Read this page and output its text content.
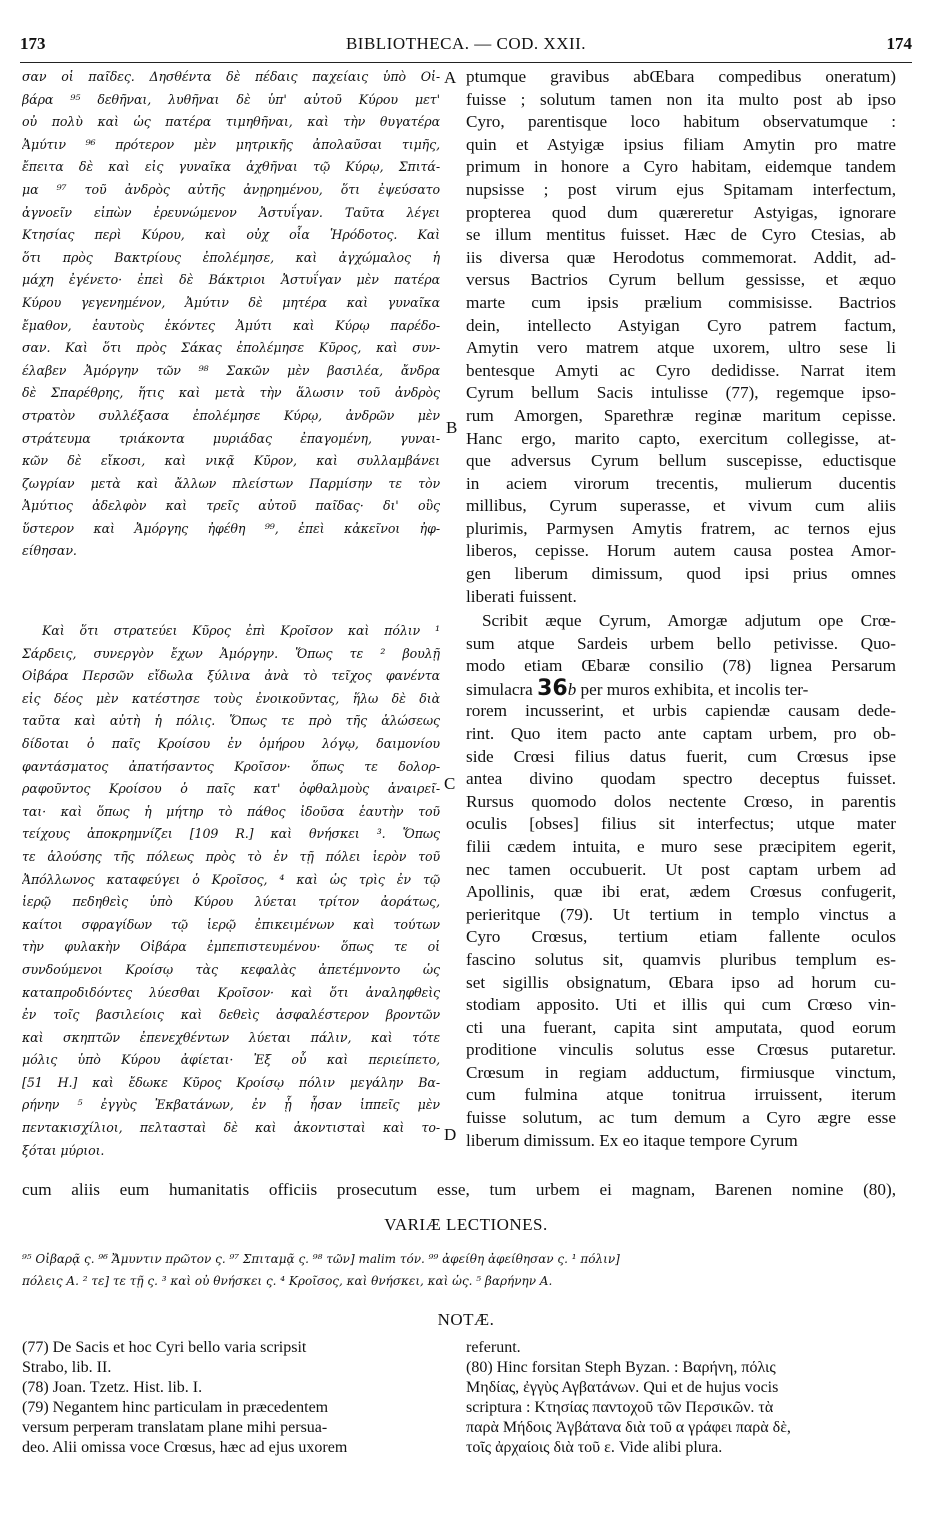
173	BIBLIOTHECA. — COD. XXII.	174
σαν οἱ παῖδες. Δησθέντα δὲ πέδαις παχείαις ὑπὸ Οἰ-
βάρα ⁹⁵ δεθῆναι, λυθῆναι δὲ ὑπ' αὐτοῦ Κύρου μετ'
οὐ πολὺ καὶ ὡς πατέρα τιμηθῆναι, καὶ τὴν θυγατέρα
Ἀμύτιν ⁹⁶ πρότερον μὲν μητρικῆς ἀπολαῦσαι τιμῆς,
ἔπειτα δὲ καὶ εἰς γυναῖκα ἀχθῆναι τῷ Κύρῳ, Σπιτά-
μα ⁹⁷ τοῦ ἀνδρὸς αὐτῆς ἀνῃρημένου, ὅτι ἐψεύσατο
ἀγνοεῖν εἰπὼν ἐρευνώμενον Ἀστυΐγαν. Ταῦτα λέγει
Κτησίας περὶ Κύρου, καὶ οὐχ οἷα Ἡρόδοτος. Καὶ
ὅτι πρὸς Βακτρίους ἐπολέμησε, καὶ ἀγχώμαλος ἡ
μάχη ἐγένετο· ἐπεὶ δὲ Βάκτριοι Ἀστυΐγαν μὲν πατέρα
Κύρου γεγενημένον, Ἀμύτιν δὲ μητέρα καὶ γυναῖκα
ἔμαθον, ἑαυτοὺς ἑκόντες Ἀμύτι καὶ Κύρῳ παρέδο-
σαν. Καὶ ὅτι πρὸς Σάκας ἐπολέμησε Κῦρος, καὶ συν-
έλαβεν Ἀμόργην τῶν ⁹⁸ Σακῶν μὲν βασιλέα, ἄνδρα
δὲ Σπαρέθρης, ἥτις καὶ μετὰ τὴν ἅλωσιν τοῦ ἀνδρὸς
στρατὸν συλλέξασα ἐπολέμησε Κύρῳ, ἀνδρῶν μὲν
στράτευμα τριάκοντα μυριάδας ἐπαγομένη, γυναι-
κῶν δὲ εἴκοσι, καὶ νικᾷ Κῦρον, καὶ συλλαμβάνει
ζωγρίαν μετὰ καὶ ἄλλων πλείστων Παρμίσην τε τὸν
Ἀμύτιος ἀδελφὸν καὶ τρεῖς αὐτοῦ παῖδας· δι' οὓς
ὕστερον καὶ Ἀμόργης ἠφέθη ⁹⁹, ἐπεὶ κἀκεῖνοι ἠφ-
είθησαν.
Καὶ ὅτι στρατεύει Κῦρος ἐπὶ Κροῖσον καὶ πόλιν ¹
Σάρδεις, συνεργὸν ἔχων Ἀμόργην. Ὅπως τε ² βουλῇ
Οἰβάρα Περσῶν εἴδωλα ξύλινα ἀνὰ τὸ τεῖχος φανέντα
εἰς δέος μὲν κατέστησε τοὺς ἐνοικοῦντας, ἥλω δὲ διὰ
ταῦτα καὶ αὐτὴ ἡ πόλις. Ὅπως τε πρὸ τῆς ἁλώσεως
δίδοται ὁ παῖς Κροίσου ἐν ὁμήρου λόγῳ, δαιμονίου
φαντάσματος ἀπατήσαντος Κροῖσον· ὅπως τε δολορ-
ραφοῦντος Κροίσου ὁ παῖς κατ' ὀφθαλμοὺς ἀναιρεῖ-
ται· καὶ ὅπως ἡ μήτηρ τὸ πάθος ἰδοῦσα ἑαυτὴν τοῦ
τείχους ἀποκρημνίζει [109 R.] καὶ θνήσκει ³. Ὅπως
τε ἁλούσης τῆς πόλεως πρὸς τὸ ἐν τῇ πόλει ἱερὸν τοῦ
Ἀπόλλωνος καταφεύγει ὁ Κροῖσος, ⁴ καὶ ὡς τρὶς ἐν τῷ
ἱερῷ πεδηθεὶς ὑπὸ Κύρου λύεται τρίτον ἀοράτως,
καίτοι σφραγίδων τῷ ἱερῷ ἐπικειμένων καὶ τούτων
τὴν φυλακὴν Οἰβάρα ἐμπεπιστευμένου· ὅπως τε οἱ
συνδούμενοι Κροίσῳ τὰς κεφαλὰς ἀπετέμνοντο ὡς
καταπροδιδόντες λύεσθαι Κροῖσον· καὶ ὅτι ἀναληφθεὶς
ἐν τοῖς βασιλείοις καὶ δεθεὶς ἀσφαλέστερον βροντῶν
καὶ σκηπτῶν ἐπενεχθέντων λύεται πάλιν, καὶ τότε
μόλις ὑπὸ Κύρου ἀφίεται· Ἐξ οὗ καὶ περιείπετο,
[51 H.] καὶ ἔδωκε Κῦρος Κροίσῳ πόλιν μεγάλην Βα-
ρήνην ⁵ ἐγγὺς Ἐκβατάνων, ἐν ᾗ ἦσαν ἱππεῖς μὲν
πεντακισχίλιοι, πελτασταὶ δὲ καὶ ἀκοντισταὶ καὶ το-
ξόται μύριοι.
A
B
C
D
ptumque gravibus abŒbara compedibus oneratum)
fuisse ; solutum tamen non ita multo post ab ipso
Cyro, parentisque loco habitum observatumque :
quin et Astyigæ ipsius filiam Amytin pro matre
primum in honore a Cyro habitam, eidemque tandem
nupsisse ; post virum ejus Spitamam interfectum,
propterea quod dum quæreretur Astyigas, ignorare
se illum mentitus fuisset. Hæc de Cyro Ctesias, ab
iis diversa quæ Herodotus commemorat. Addit, ad-
versus Bactrios Cyrum bellum gessisse, et æquo
marte cum ipsis prælium commisisse. Bactrios
dein, intellecto Astyigan Cyro patrem factum,
Amytin vero matrem atque uxorem, ultro sese li
bentesque Amyti ac Cyro dedidisse. Narrat item
Cyrum bellum Sacis intulisse (77), regemque ipso-
rum Amorgen, Sparethræ reginæ maritum cepisse.
Hanc ergo, marito capto, exercitum collegisse, at-
que adversus Cyrum bellum suscepisse, eductisque
in aciem virorum trecentis, mulierum ducentis
millibus, Cyrum superasse, et vivum cum aliis
plurimis, Parmysen Amytis fratrem, ac ternos ejus
liberos, cepisse. Horum autem causa postea Amor-
gen liberum dimissum, quod ipsi prius omnes
liberati fuissent.
Scribit æque Cyrum, Amorgæ adjutum ope Crœ-
sum atque Sardeis urbem bello petivisse. Quo-
modo etiam Œbaræ consilio (78) lignea Persarum
simulacra 36b per muros exhibita, et incolis ter-
rorem incusserint, et urbis capiendæ causam dede-
rint. Quo item pacto ante captam urbem, pro ob-
side Crœsi filius datus fuerit, cum Crœsus ipse
antea divino quodam spectro deceptus fuisset.
Rursus quomodo dolos nectente Crœso, in parentis
oculis [obses] filius sit interfectus; utque mater
filii cædem intuita, e muro sese præcipitem egerit,
nec tamen occubuerit. Ut post captam urbem ad
Apollinis, quæ ibi erat, ædem Crœsus confugerit,
perieritque (79). Ut tertium in templo vinctus a
Cyro Crœsus, tertium etiam fallente oculos
fascino solutus sit, quamvis pluribus templum es-
set sigillis obsignatum, Œbara ipso ad horum cu-
stodiam apposito. Uti et illis qui cum Crœso vin-
cti una fuerant, capita sint amputata, quod eorum
proditione vinculis solutus esse Crœsus putaretur.
Crœsum in regiam adductum, firmiusque vinctum,
cum fulmina atque tonitrua irruissent, iterum
fuisse solutum, ac tum demum a Cyro ægre esse
liberum dimissum. Ex eo itaque tempore Cyrum
cum aliis eum humanitatis officiis prosecutum esse, tum urbem ei magnam, Barenen nomine (80),
VARIÆ LECTIONES.
⁹⁵ Οἰβαρᾷ ς. ⁹⁶ Ἄμυντιν πρῶτον ς. ⁹⁷ Σπιταμᾷ ς. ⁹⁸ τῶν] malim τόν. ⁹⁹ ἀφείθη ἀφείθησαν ς. ¹ πόλιν]
πόλεις A. ² τε] τε τῇ ς. ³ καὶ οὐ θνήσκει ς. ⁴ Κροῖσος, καὶ θνήσκει, καὶ ὡς. ⁵ βαρήνην A.
NOTÆ.
(77) De Sacis et hoc Cyri bello varia scripsit
Strabo, lib. II.
(78) Joan. Tzetz. Hist. lib. I.
(79) Negantem hinc particulam in præcedentem
versum perperam translatam plane mihi persua-
deo. Alii omissa voce Crœsus, hæc ad ejus uxorem
referunt.
(80) Hinc forsitan Steph Byzan. : Βαρήνη, πόλις
Μηδίας, ἐγγὺς Αγβατάνων. Qui et de hujus vocis
scriptura : Κτησίας παντοχοῦ τῶν Περσικῶν. τὰ
παρὰ Μήδοις Ἀγβάτανα διὰ τοῦ α γράφει παρὰ δὲ,
τοῖς ἀρχαίοις διὰ τοῦ ε. Vide alibi plura.
